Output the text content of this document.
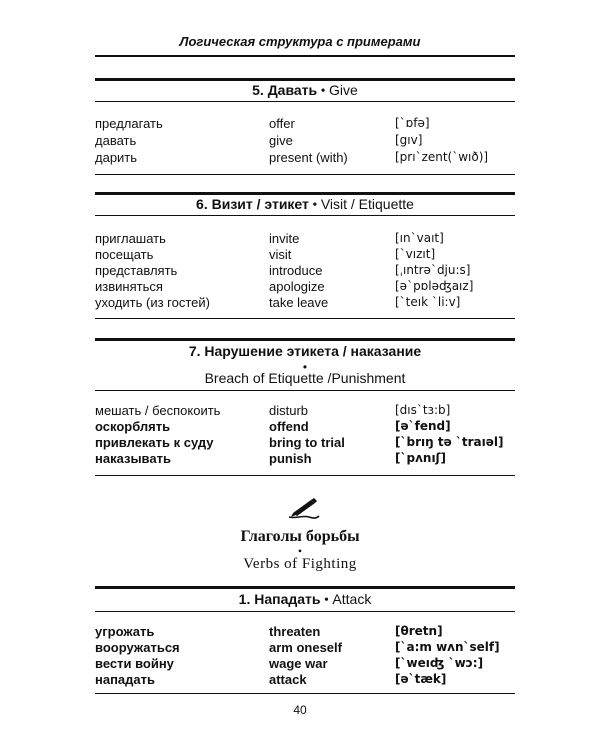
Логическая структура с примерами
5. Давать • Give
предлагать	offer	[`ɒfə]
давать	give	[gıv]
дарить	present (with)	[prı`zent(`wıð)]
6. Визит / этикет • Visit / Etiquette
приглашать	invite	[ın`vaıt]
посещать	visit	[`vızıt]
представлять	introduce	[ˌıntrə`dju:s]
извиняться	apologize	[ə`pɒləʤaız]
уходить (из гостей)	take leave	[`teık `li:v]
7. Нарушение этикета / наказание
•
Breach of Etiquette /Punishment
мешать / беспокоить	disturb	[dıs`tɜ:b]
оскорблять	offend	[ə`fend]
привлекать к суду	bring to trial	[`brıŋ tə `traıəl]
наказывать	punish	[`pʌnıʃ]
Глаголы борьбы
•
Verbs of Fighting
1. Нападать • Attack
угрожать	threaten	[θretn]
вооружаться	arm oneself	[`a:m wʌn`self]
вести войну	wage war	[`weıʤ `wɔ:]
нападать	attack	[ə`tæk]
40
